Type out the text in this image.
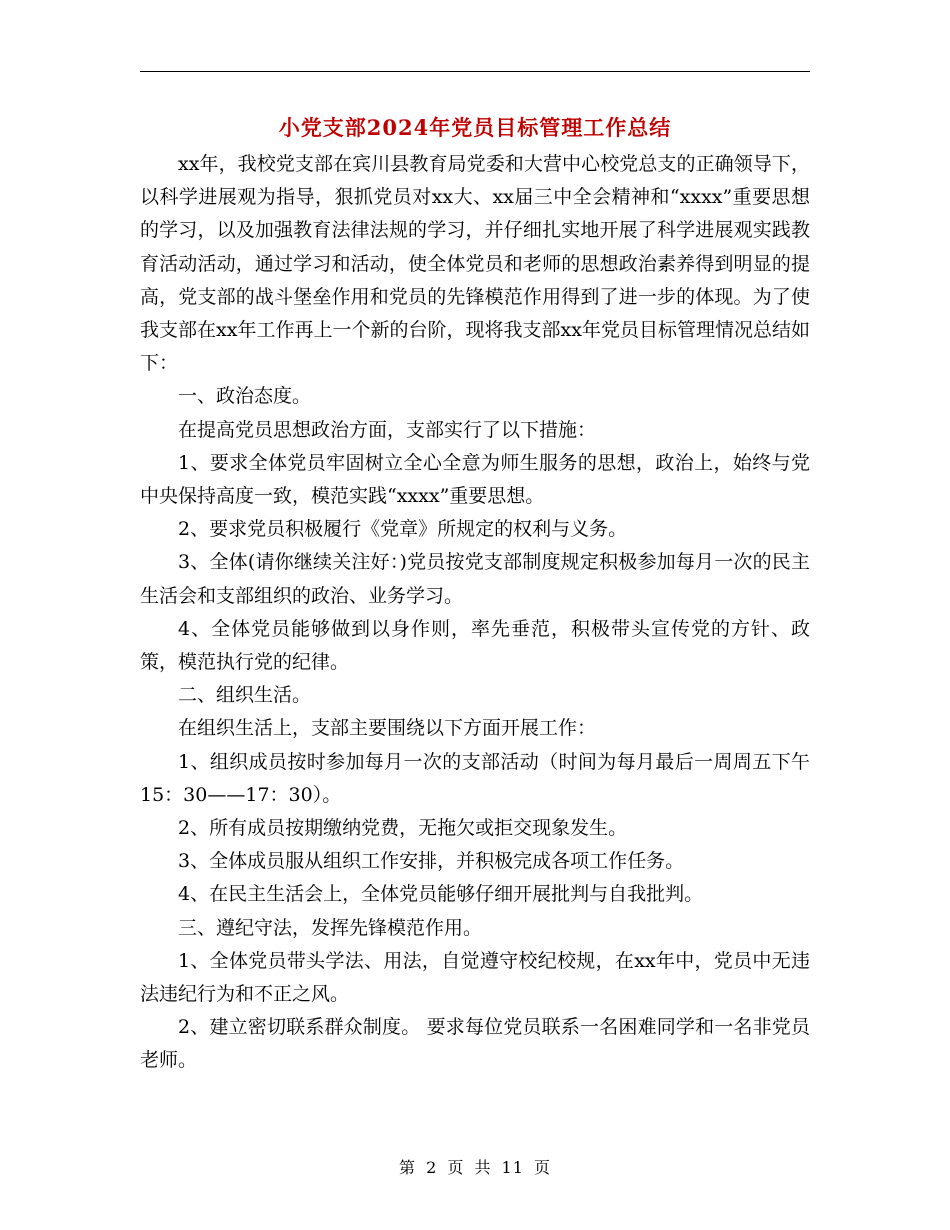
小党支部2024年党员目标管理工作总结

xx年，我校党支部在宾川县教育局党委和大营中心校党总支的正确领导下，以科学进展观为指导，狠抓党员对xx大、xx届三中全会精神和“xxxx”重要思想的学习，以及加强教育法律法规的学习，并仔细扎实地开展了科学进展观实践教育活动活动，通过学习和活动，使全体党员和老师的思想政治素养得到明显的提高，党支部的战斗堡垒作用和党员的先锋模范作用得到了进一步的体现。为了使我支部在xx年工作再上一个新的台阶，现将我支部xx年党员目标管理情况总结如下：

一、政治态度。

在提高党员思想政治方面，支部实行了以下措施：

1、要求全体党员牢固树立全心全意为师生服务的思想，政治上，始终与党中央保持高度一致，模范实践“xxxx”重要思想。

2、要求党员积极履行《党章》所规定的权利与义务。

3、全体(请你继续关注好：)党员按党支部制度规定积极参加每月一次的民主生活会和支部组织的政治、业务学习。

4、全体党员能够做到以身作则，率先垂范，积极带头宣传党的方针、政策，模范执行党的纪律。

二、组织生活。

在组织生活上，支部主要围绕以下方面开展工作：

1、组织成员按时参加每月一次的支部活动（时间为每月最后一周周五下午15：30——17：30）。

2、所有成员按期缴纳党费，无拖欠或拒交现象发生。

3、全体成员服从组织工作安排，并积极完成各项工作任务。

4、在民主生活会上，全体党员能够仔细开展批判与自我批判。

三、遵纪守法，发挥先锋模范作用。

1、全体党员带头学法、用法，自觉遵守校纪校规，在xx年中，党员中无违法违纪行为和不正之风。

2、建立密切联系群众制度。 要求每位党员联系一名困难同学和一名非党员老师。

第 2 页 共 11 页
